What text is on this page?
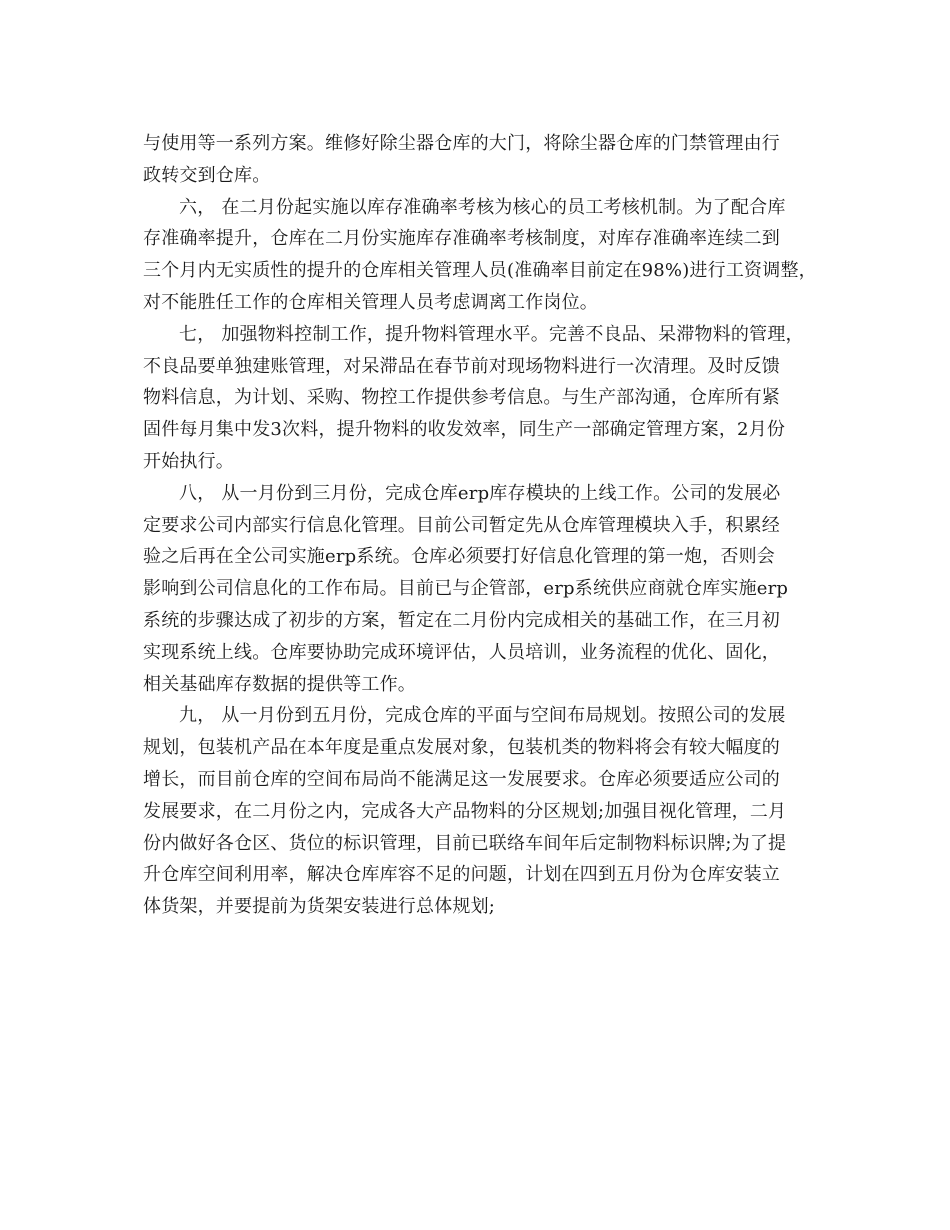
与使用等一系列方案。维修好除尘器仓库的大门，将除尘器仓库的门禁管理由行
政转交到仓库。
六， 在二月份起实施以库存准确率考核为核心的员工考核机制。为了配合库
存准确率提升，仓库在二月份实施库存准确率考核制度，对库存准确率连续二到
三个月内无实质性的提升的仓库相关管理人员(准确率目前定在98%)进行工资调整，
对不能胜任工作的仓库相关管理人员考虑调离工作岗位。
七， 加强物料控制工作，提升物料管理水平。完善不良品、呆滞物料的管理，
不良品要单独建账管理，对呆滞品在春节前对现场物料进行一次清理。及时反馈
物料信息，为计划、采购、物控工作提供参考信息。与生产部沟通，仓库所有紧
固件每月集中发3次料，提升物料的收发效率，同生产一部确定管理方案，2月份
开始执行。
八， 从一月份到三月份，完成仓库erp库存模块的上线工作。公司的发展必
定要求公司内部实行信息化管理。目前公司暂定先从仓库管理模块入手，积累经
验之后再在全公司实施erp系统。仓库必须要打好信息化管理的第一炮，否则会
影响到公司信息化的工作布局。目前已与企管部，erp系统供应商就仓库实施erp
系统的步骤达成了初步的方案，暂定在二月份内完成相关的基础工作，在三月初
实现系统上线。仓库要协助完成环境评估，人员培训，业务流程的优化、固化，
相关基础库存数据的提供等工作。
九， 从一月份到五月份，完成仓库的平面与空间布局规划。按照公司的发展
规划，包装机产品在本年度是重点发展对象，包装机类的物料将会有较大幅度的
增长，而目前仓库的空间布局尚不能满足这一发展要求。仓库必须要适应公司的
发展要求，在二月份之内，完成各大产品物料的分区规划;加强目视化管理，二月
份内做好各仓区、货位的标识管理，目前已联络车间年后定制物料标识牌;为了提
升仓库空间利用率，解决仓库库容不足的问题，计划在四到五月份为仓库安装立
体货架，并要提前为货架安装进行总体规划;
